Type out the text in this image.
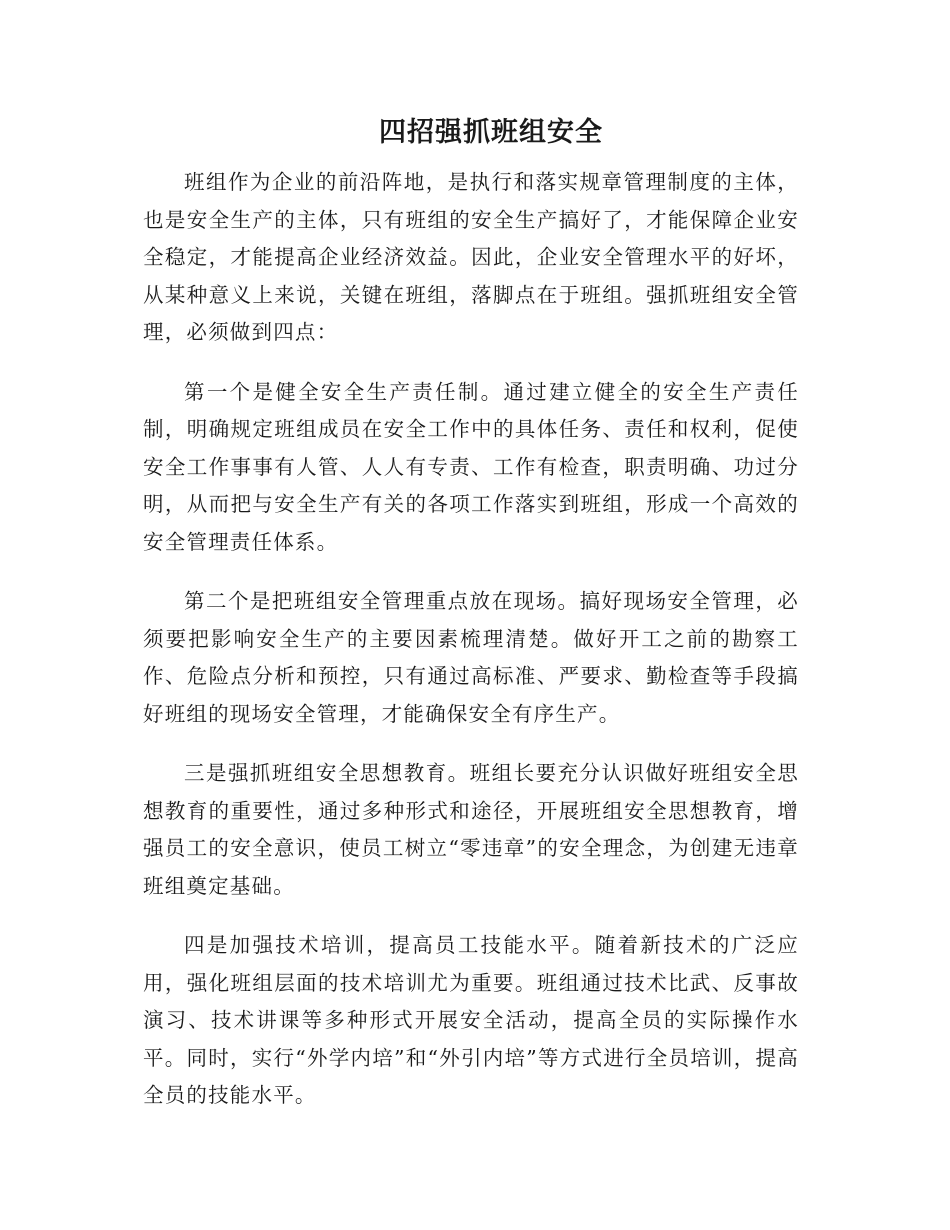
四招强抓班组安全

班组作为企业的前沿阵地，是执行和落实规章管理制度的主体，也是安全生产的主体，只有班组的安全生产搞好了，才能保障企业安全稳定，才能提高企业经济效益。因此，企业安全管理水平的好坏，从某种意义上来说，关键在班组，落脚点在于班组。强抓班组安全管理，必须做到四点：

第一个是健全安全生产责任制。通过建立健全的安全生产责任制，明确规定班组成员在安全工作中的具体任务、责任和权利，促使安全工作事事有人管、人人有专责、工作有检查，职责明确、功过分明，从而把与安全生产有关的各项工作落实到班组，形成一个高效的安全管理责任体系。

第二个是把班组安全管理重点放在现场。搞好现场安全管理，必须要把影响安全生产的主要因素梳理清楚。做好开工之前的勘察工作、危险点分析和预控，只有通过高标准、严要求、勤检查等手段搞好班组的现场安全管理，才能确保安全有序生产。

三是强抓班组安全思想教育。班组长要充分认识做好班组安全思想教育的重要性，通过多种形式和途径，开展班组安全思想教育，增强员工的安全意识，使员工树立“零违章”的安全理念，为创建无违章班组奠定基础。

四是加强技术培训，提高员工技能水平。随着新技术的广泛应用，强化班组层面的技术培训尤为重要。班组通过技术比武、反事故演习、技术讲课等多种形式开展安全活动，提高全员的实际操作水平。同时，实行“外学内培”和“外引内培”等方式进行全员培训，提高全员的技能水平。
